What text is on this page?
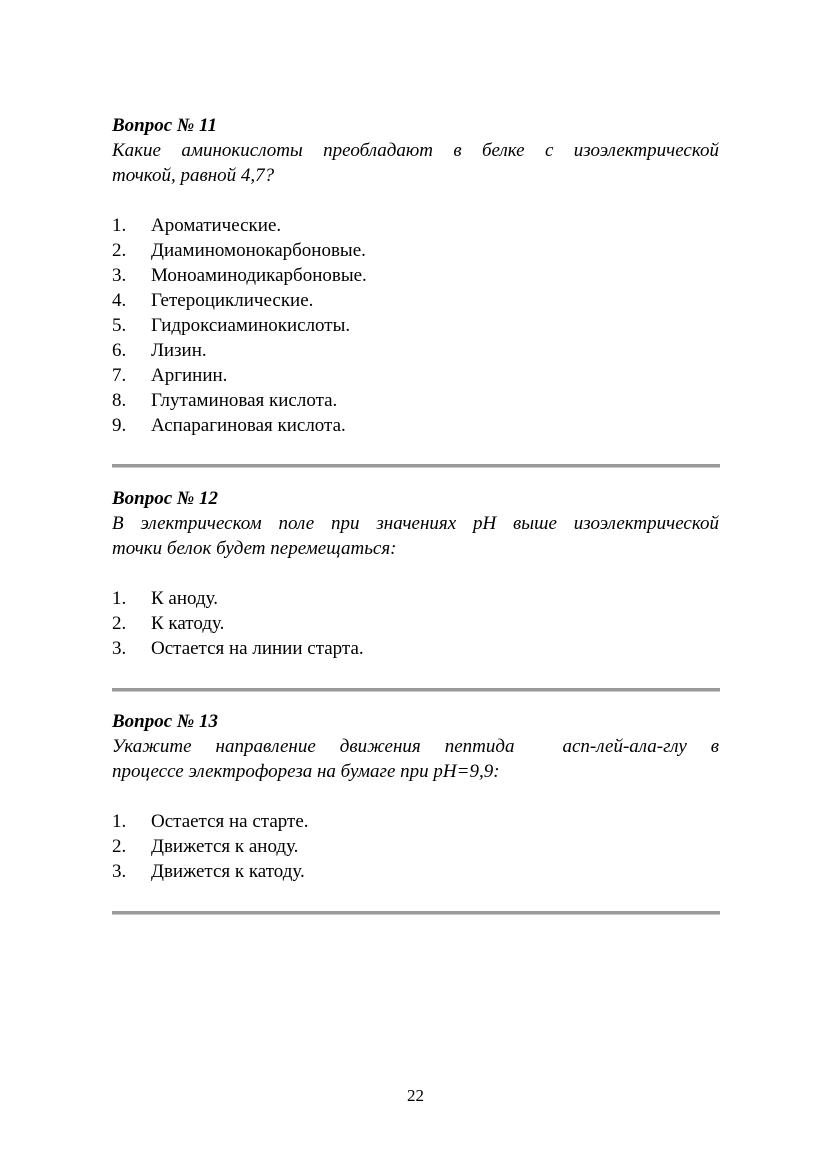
Вопрос № 11

Какие аминокислоты преобладают в белке с изоэлектрической

точкой, равной 4,7?

1.	Ароматические.
2.	Диаминомонокарбоновые.
3.	Моноаминодикарбоновые.
4.	Гетероциклические.
5.	Гидроксиаминокислоты.
6.	Лизин.
7.	Аргинин.
8.	Глутаминовая кислота.
9.	Аспарагиновая кислота.

Вопрос № 12

В электрическом поле при значениях pH выше изоэлектрической

точки белок будет перемещаться:

1.	К аноду.
2.	К катоду.
3.	Остается на линии старта.

Вопрос № 13

Укажите направление движения пептида  асп-лей-ала-глу в

процессе электрофореза на бумаге при pH=9,9:

1.	Остается на старте.
2.	Движется к аноду.
3.	Движется к катоду.
22
